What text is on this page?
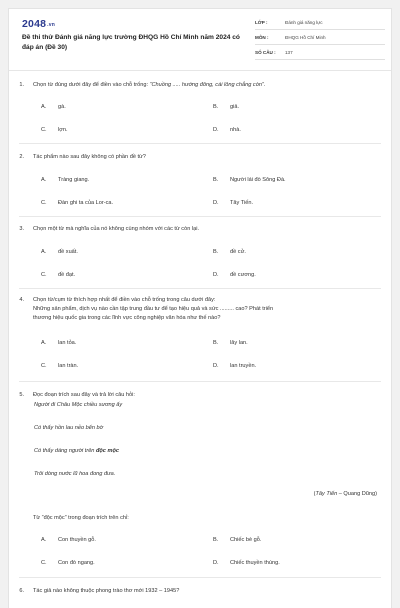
2048.vn
Đề thi thử Đánh giá năng lực trường ĐHQG Hồ Chí Minh năm 2024 có đáp án (Đề 30)
LỚP :	Đánh giá năng lực
MÔN :	ĐHQG Hồ Chí Minh
SỐ CÂU :	137
1.	Chọn từ đúng dưới đây để điền vào chỗ trống: “Chuồng ..... hướng đông, cái lông chẳng còn”.
A. gà.	B. giả.
C. lợn.	D. nhà.
2.	Tác phẩm nào sau đây không có phần đề từ?
A. Tràng giang.	B. Người lái đò Sông Đà.
C. Đàn ghi ta của Lor-ca.	D. Tây Tiến.
3.	Chọn một từ mà nghĩa của nó không cùng nhóm với các từ còn lại.
A. đề xuất.	B. đề cử.
C. đề đạt.	D. đề cương.
4.	Chọn từ/cụm từ thích hợp nhất để điền vào chỗ trống trong câu dưới đây:
Những sản phẩm, dịch vụ nào cần tập trung đầu tư để tạo hiệu quả và sức ......... cao? Phát triển
thương hiệu quốc gia trong các lĩnh vực công nghiệp văn hóa như thế nào?
A. lan tỏa.	B. lây lan.
C. lan tràn.	D. lan truyền.
5.	Đọc đoạn trích sau đây và trả lời câu hỏi:
Người đi Châu Mộc chiều sương ấy
Có thấy hồn lau nẻo bến bờ
Có thấy dáng người trên độc mộc
Trôi dòng nước lũ hoa đong đưa.
(Tây Tiến – Quang Dũng)
Từ “độc mộc” trong đoạn trích trên chỉ:
A. Con thuyền gỗ.	B. Chiếc bè gỗ.
C. Con đò ngang.	D. Chiếc thuyền thúng.
6.	Tác giả nào không thuộc phong trào thơ mới 1932 – 1945?
